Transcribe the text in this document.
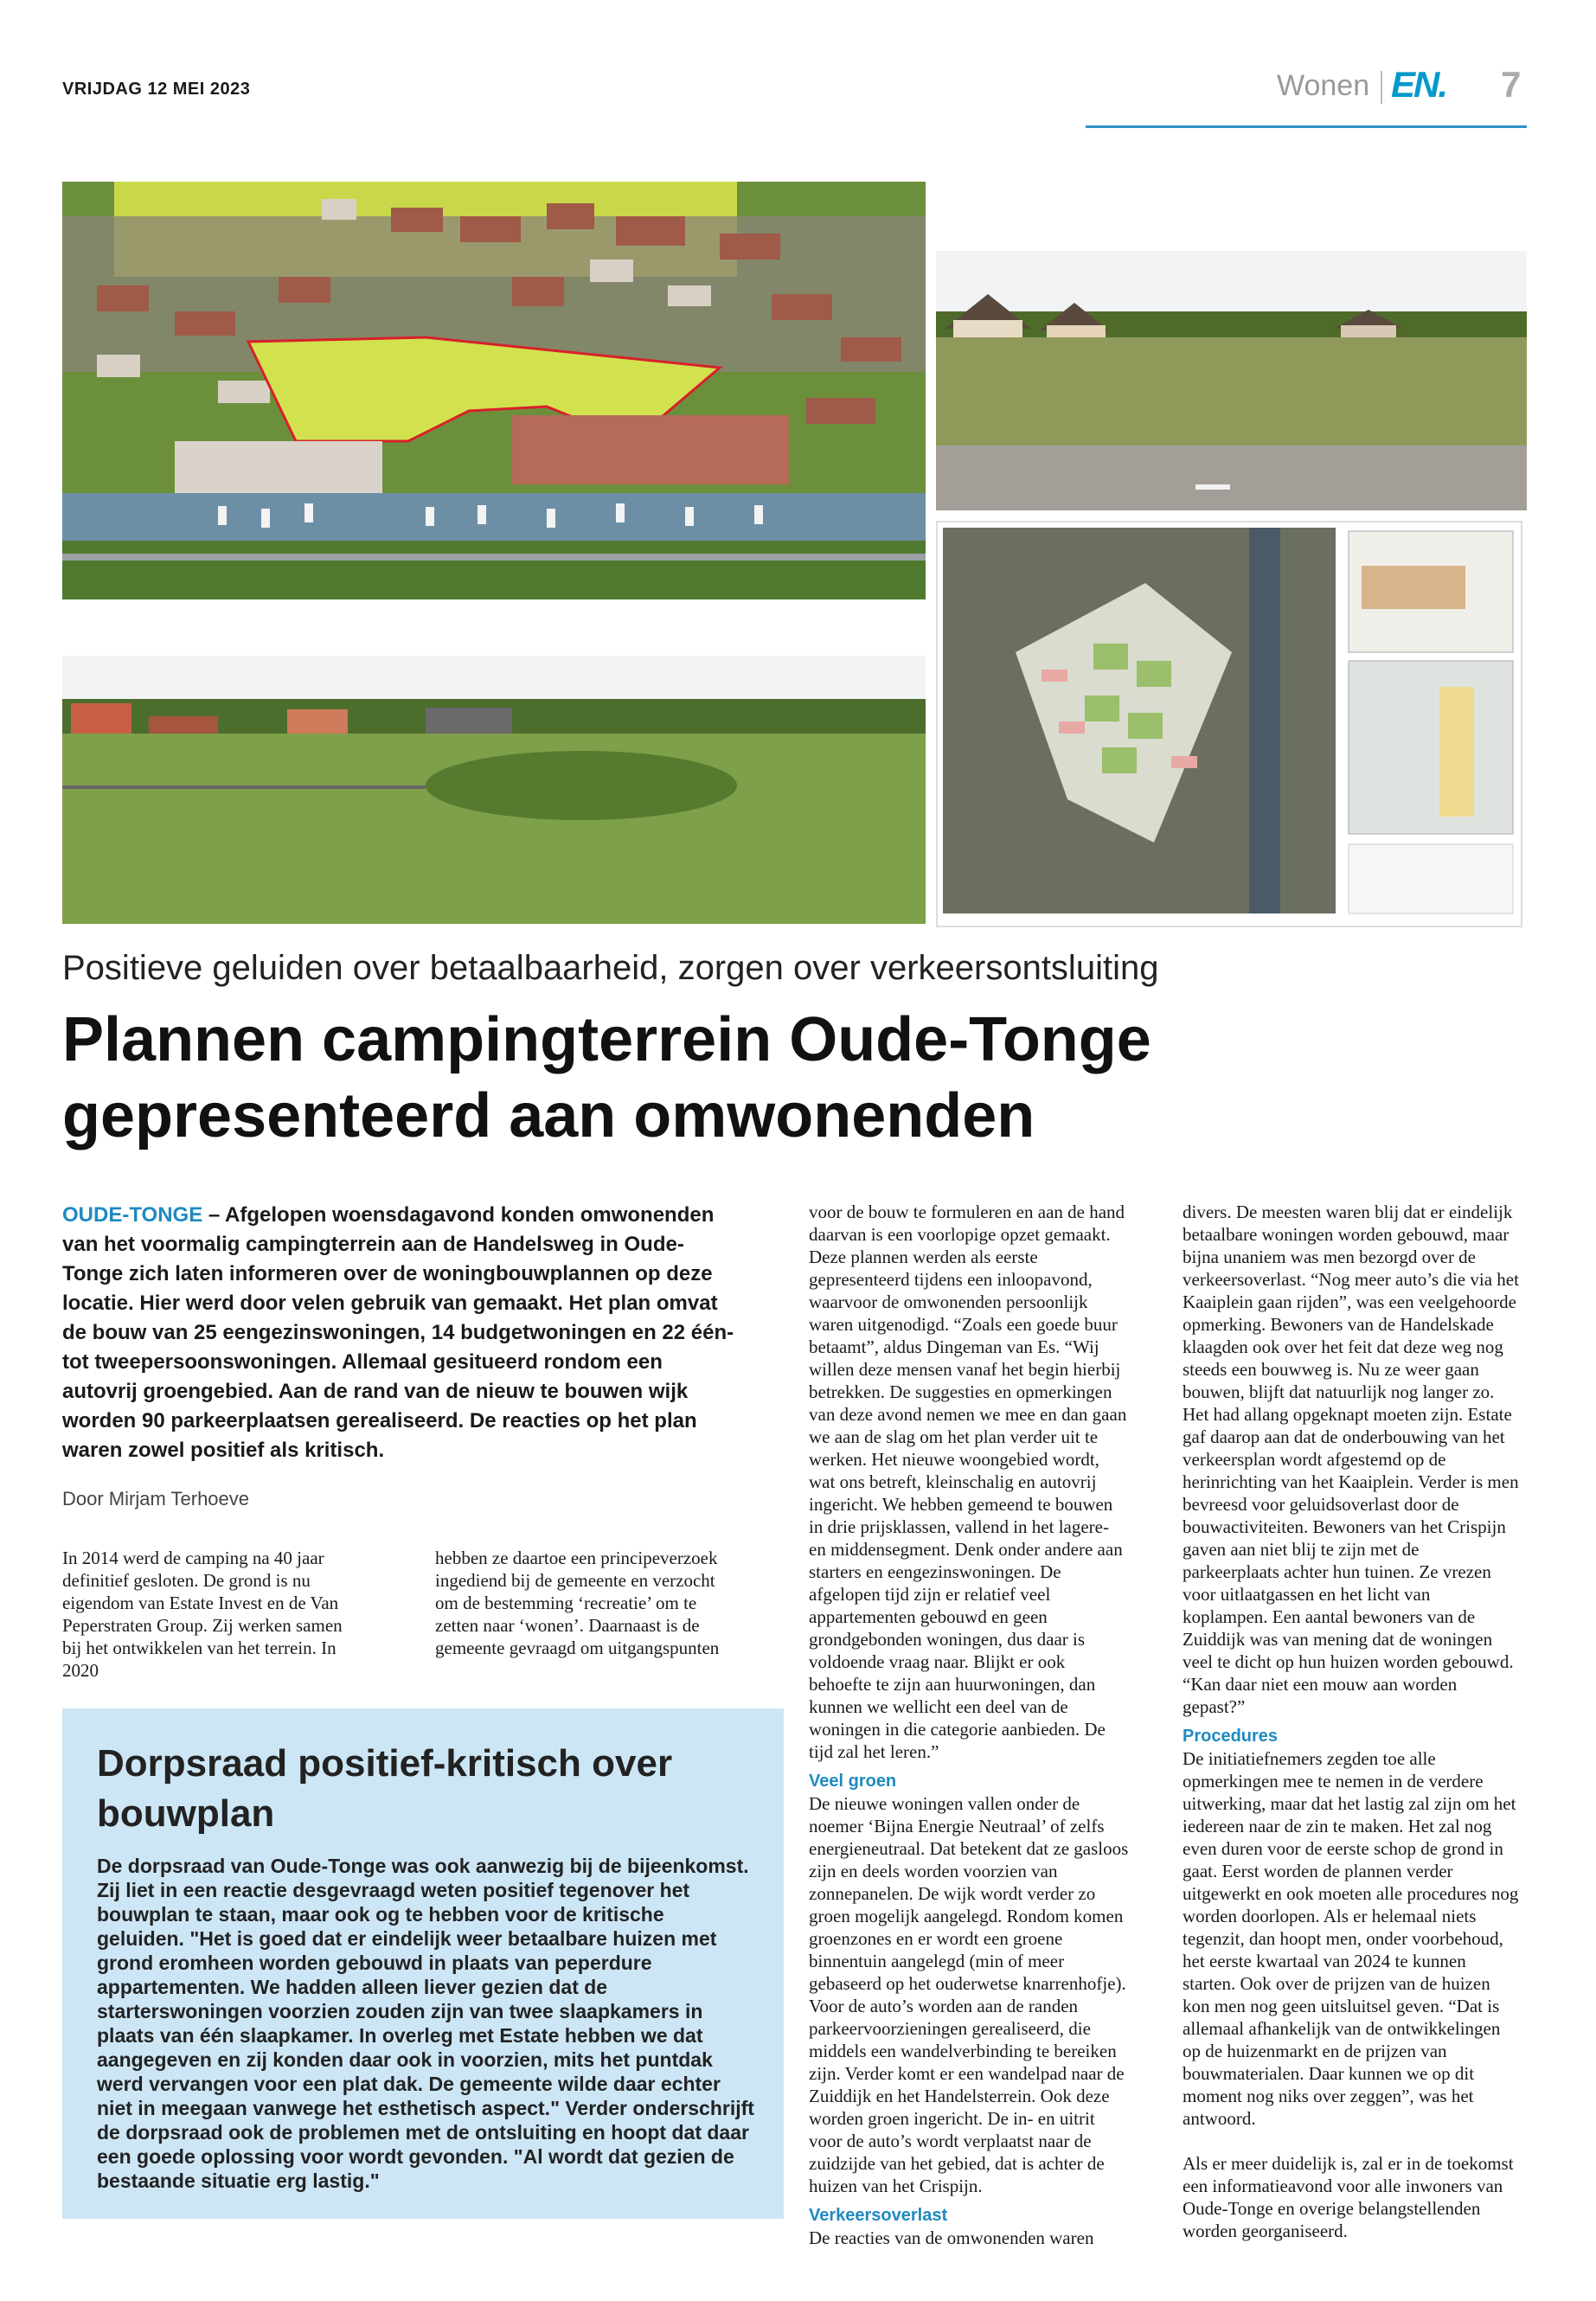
VRIJDAG 12 MEI 2023	Wonen EN. 7
Positieve geluiden over betaalbaarheid, zorgen over verkeersontsluiting
Plannen campingterrein Oude-Tonge gepresenteerd aan omwonenden
OUDE-TONGE – Afgelopen woensdagavond konden omwonenden van het voormalig campingterrein aan de Handelsweg in Oude-Tonge zich laten informeren over de woningbouwplannen op deze locatie. Hier werd door velen gebruik van gemaakt. Het plan omvat de bouw van 25 eengezinswoningen, 14 budgetwoningen en 22 één-tot tweepersoonswoningen. Allemaal gesitueerd rondom een autovrij groengebied. Aan de rand van de nieuw te bouwen wijk worden 90 parkeerplaatsen gerealiseerd. De reacties op het plan waren zowel positief als kritisch.
Door Mirjam Terhoeve

In 2014 werd de camping na 40 jaar definitief gesloten. De grond is nu eigendom van Estate Invest en de Van Peperstraten Group. Zij werken samen bij het ontwikkelen van het terrein. In 2020

hebben ze daartoe een principeverzoek ingediend bij de gemeente en verzocht om de bestemming ‘recreatie’ om te zetten naar ‘wonen’. Daarnaast is de gemeente gevraagd om uitgangspunten

voor de bouw te formuleren en aan de hand daarvan is een voorlopige opzet gemaakt. Deze plannen werden als eerste gepresenteerd tijdens een inloopavond, waarvoor de omwonenden persoonlijk waren uitgenodigd. “Zoals een goede buur betaamt”, aldus Dingeman van Es. “Wij willen deze mensen vanaf het begin hierbij betrekken. De suggesties en opmerkingen van deze avond nemen we mee en dan gaan we aan de slag om het plan verder uit te werken. Het nieuwe woongebied wordt, wat ons betreft, kleinschalig en autovrij ingericht. We hebben gemeend te bouwen in drie prijsklassen, vallend in het lagere- en middensegment. Denk onder andere aan starters en eengezinswoningen. De afgelopen tijd zijn er relatief veel appartementen gebouwd en geen grondgebonden woningen, dus daar is voldoende vraag naar. Blijkt er ook behoefte te zijn aan huurwoningen, dan kunnen we wellicht een deel van de woningen in die categorie aanbieden. De tijd zal het leren.”

Veel groen

De nieuwe woningen vallen onder de noemer ‘Bijna Energie Neutraal’ of zelfs energieneutraal. Dat betekent dat ze gasloos zijn en deels worden voorzien van zonnepanelen. De wijk wordt verder zo groen mogelijk aangelegd. Rondom komen groenzones en er wordt een groene binnentuin aangelegd (min of meer gebaseerd op het ouderwetse knarrenhofje). Voor de auto’s worden aan de randen parkeervoorzieningen gerealiseerd, die middels een wandelverbinding te bereiken zijn. Verder komt er een wandelpad naar de Zuiddijk en het Handelsterrein. Ook deze worden groen ingericht. De in- en uitrit voor de auto’s wordt verplaatst naar de zuidzijde van het gebied, dat is achter de huizen van het Crispijn.

Verkeersoverlast

De reacties van de omwonenden waren

divers. De meesten waren blij dat er eindelijk betaalbare woningen worden gebouwd, maar bijna unaniem was men bezorgd over de verkeersoverlast. “Nog meer auto’s die via het Kaaiplein gaan rijden”, was een veelgehoorde opmerking. Bewoners van de Handelskade klaagden ook over het feit dat deze weg nog steeds een bouwweg is. Nu ze weer gaan bouwen, blijft dat natuurlijk nog langer zo. Het had allang opgeknapt moeten zijn. Estate gaf daarop aan dat de onderbouwing van het verkeersplan wordt afgestemd op de herinrichting van het Kaaiplein. Verder is men bevreesd voor geluidsoverlast door de bouwactiviteiten. Bewoners van het Crispijn gaven aan niet blij te zijn met de parkeerplaats achter hun tuinen. Ze vrezen voor uitlaatgassen en het licht van koplampen. Een aantal bewoners van de Zuiddijk was van mening dat de woningen veel te dicht op hun huizen worden gebouwd. “Kan daar niet een mouw aan worden gepast?”

Procedures

De initiatiefnemers zegden toe alle opmerkingen mee te nemen in de verdere uitwerking, maar dat het lastig zal zijn om het iedereen naar de zin te maken. Het zal nog even duren voor de eerste schop de grond in gaat. Eerst worden de plannen verder uitgewerkt en ook moeten alle procedures nog worden doorlopen. Als er helemaal niets tegenzit, dan hoopt men, onder voorbehoud, het eerste kwartaal van 2024 te kunnen starten. Ook over de prijzen van de huizen kon men nog geen uitsluitsel geven. “Dat is allemaal afhankelijk van de ontwikkelingen op de huizenmarkt en de prijzen van bouwmaterialen. Daar kunnen we op dit moment nog niks over zeggen”, was het antwoord.

Als er meer duidelijk is, zal er in de toekomst een informatieavond voor alle inwoners van Oude-Tonge en overige belangstellenden worden georganiseerd.

Dorpsraad positief-kritisch over bouwplan
De dorpsraad van Oude-Tonge was ook aanwezig bij de bijeenkomst. Zij liet in een reactie desgevraagd weten positief tegenover het bouwplan te staan, maar ook og te hebben voor de kritische geluiden. "Het is goed dat er eindelijk weer betaalbare huizen met grond eromheen worden gebouwd in plaats van peperdure appartementen. We hadden alleen liever gezien dat de starterswoningen voorzien zouden zijn van twee slaapkamers in plaats van één slaapkamer. In overleg met Estate hebben we dat aangegeven en zij konden daar ook in voorzien, mits het puntdak werd vervangen voor een plat dak. De gemeente wilde daar echter niet in meegaan vanwege het esthetisch aspect." Verder onderschrijft de dorpsraad ook de problemen met de ontsluiting en hoopt dat daar een goede oplossing voor wordt gevonden. "Al wordt dat gezien de bestaande situatie erg lastig."
